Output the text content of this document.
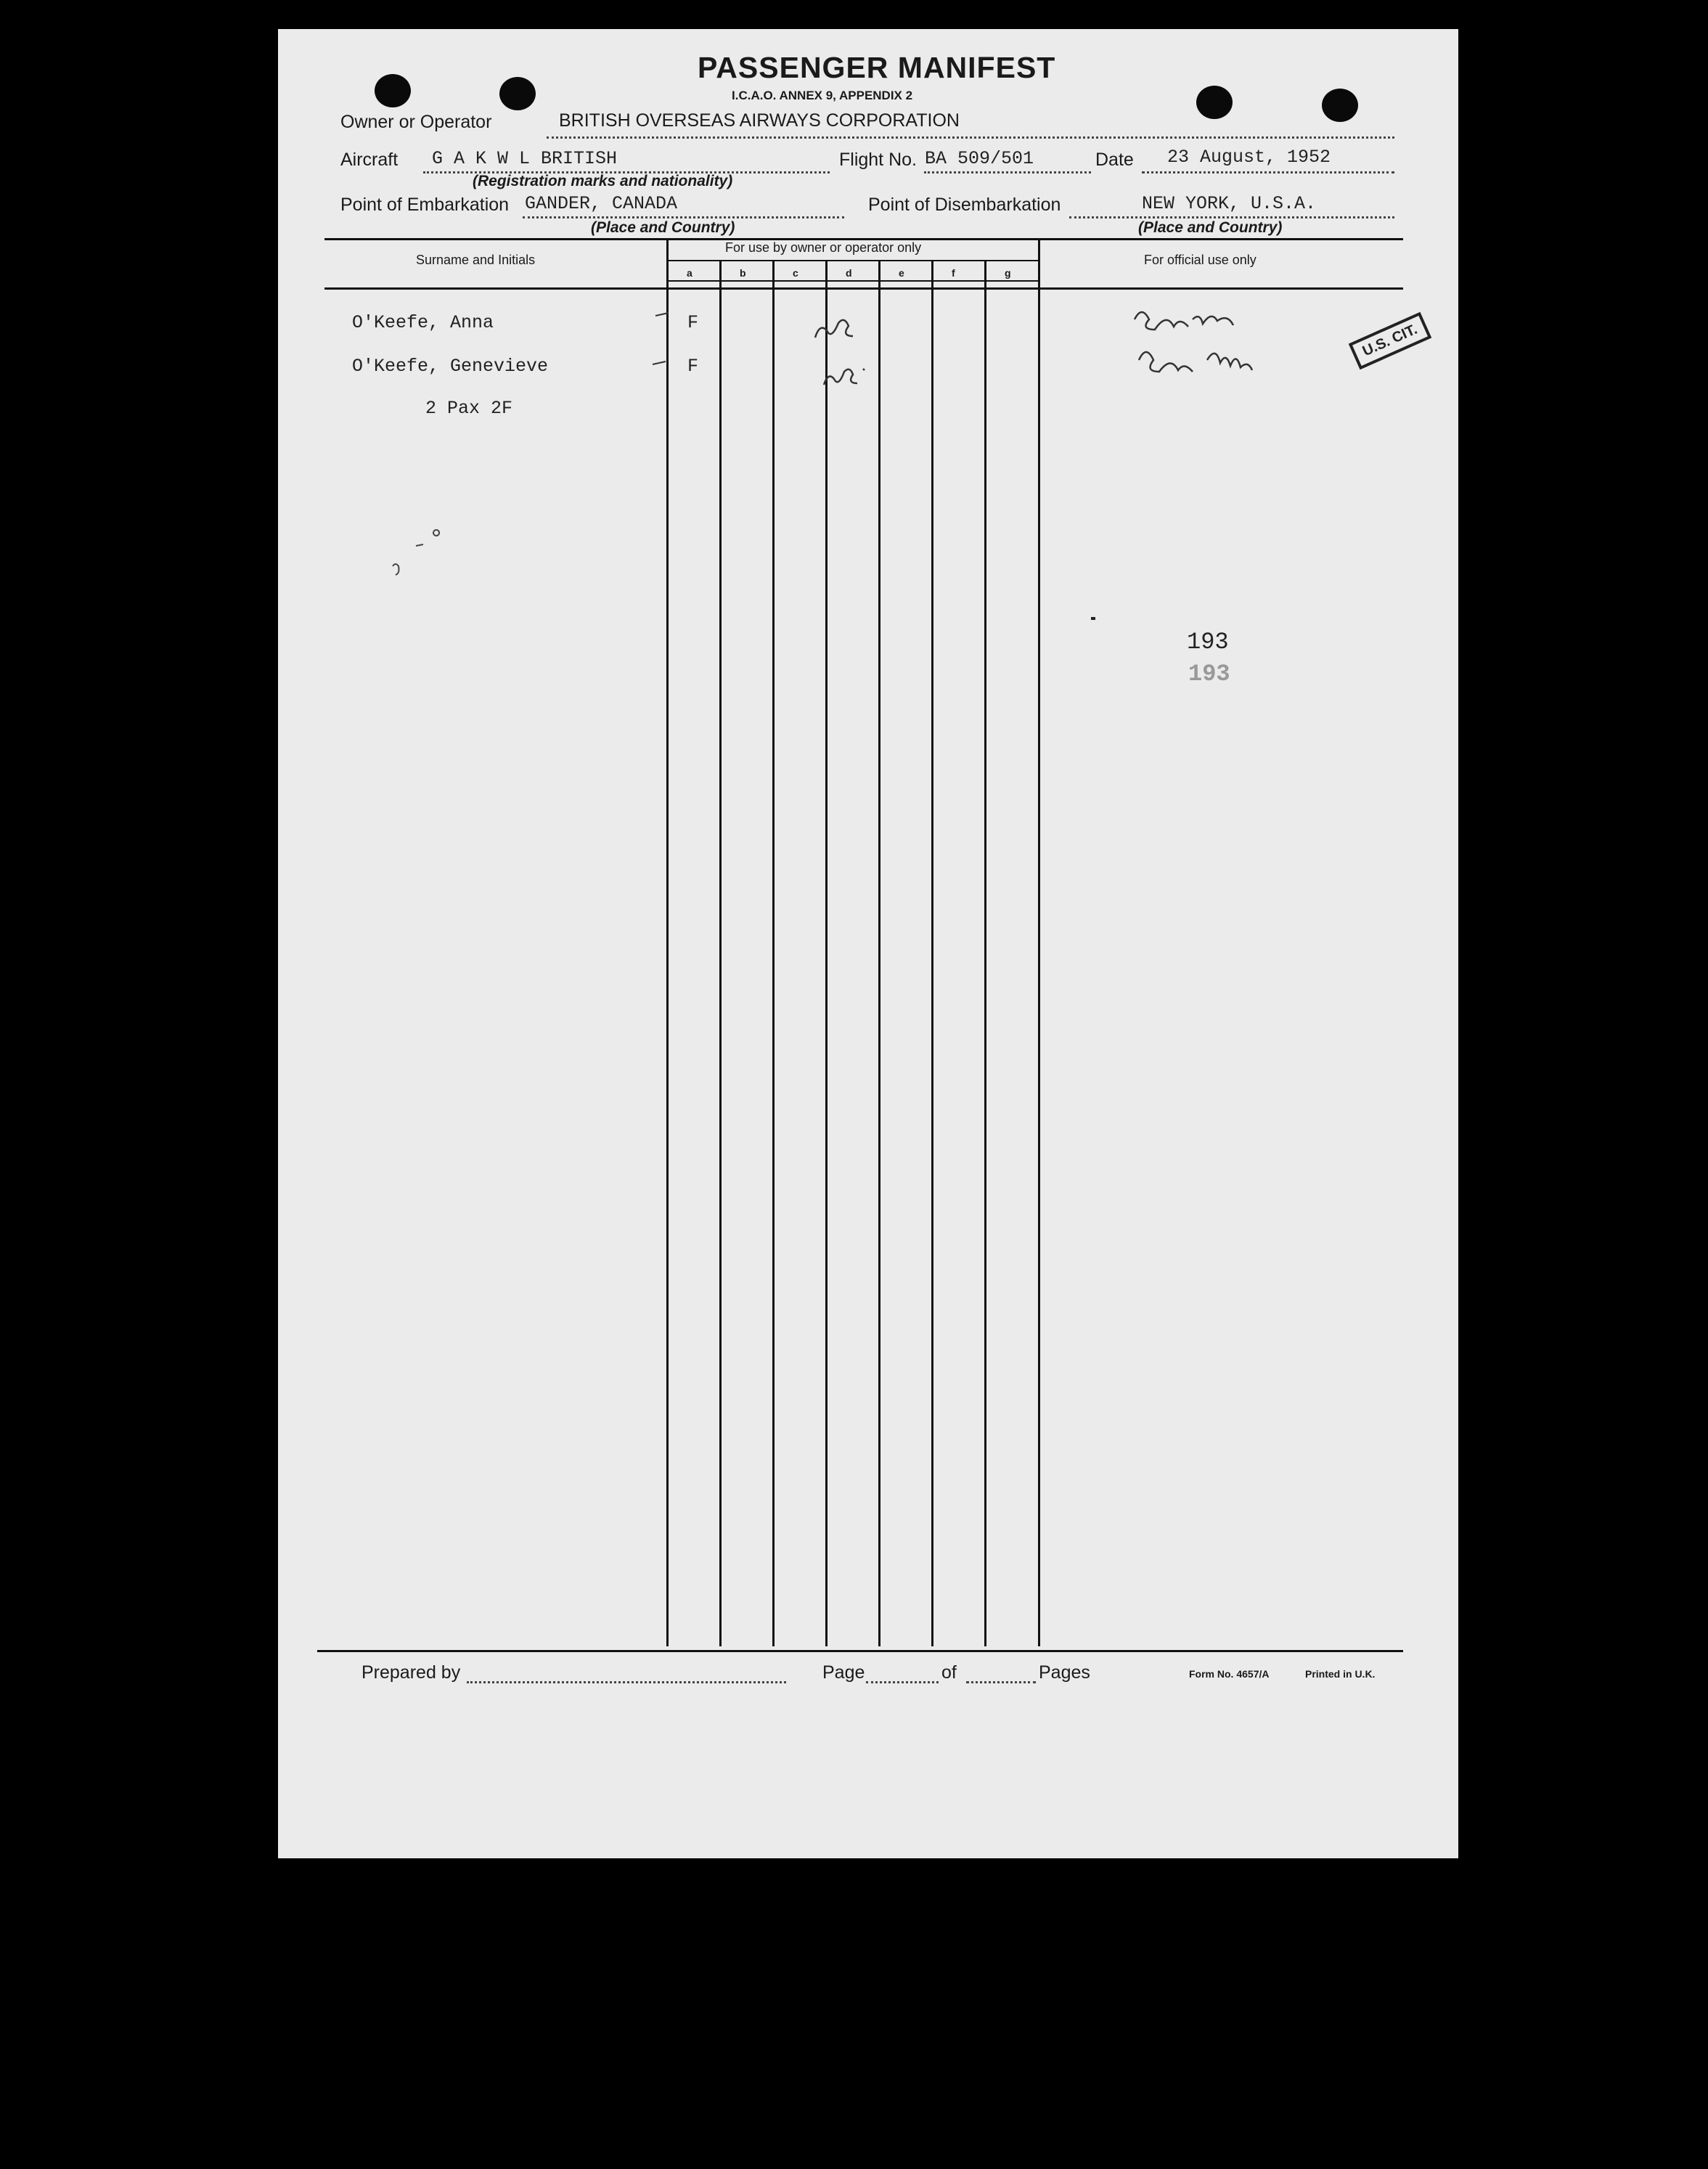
PASSENGER MANIFEST
I.C.A.O. ANNEX 9, APPENDIX 2
Owner or Operator	BRITISH OVERSEAS AIRWAYS CORPORATION
Aircraft G A K W L BRITISH
(Registration marks and nationality)
Flight No. BA 509/501	Date 23 August, 1952
Point of Embarkation GANDER, CANADA
(Place and Country)
Point of Disembarkation	NEW YORK, U.S.A.
(Place and Country)
Surname and Initials
For use by owner or operator only
For official use only
a	b	c	d	e	f	g
O'Keefe, Anna	F
O'Keefe, Genevieve	F
2 Pax 2F
U.S. CIT.
193
193
Prepared by	Page	of	Pages	Form No. 4657/A	Printed in U.K.
